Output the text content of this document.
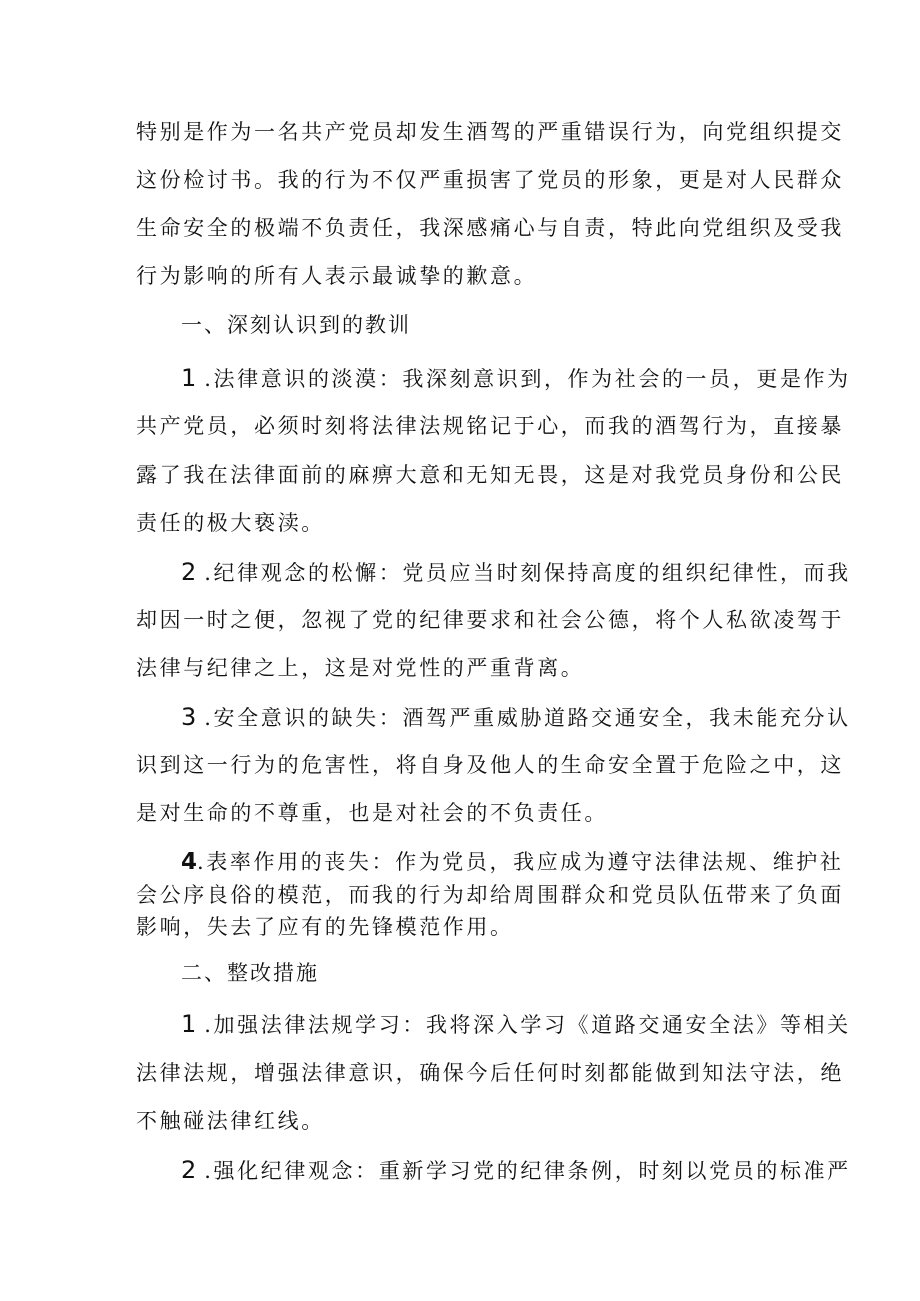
特别是作为一名共产党员却发生酒驾的严重错误行为，向党组织提交
这份检讨书。我的行为不仅严重损害了党员的形象，更是对人民群众
生命安全的极端不负责任，我深感痛心与自责，特此向党组织及受我
行为影响的所有人表示最诚挚的歉意。
一、深刻认识到的教训
1 .法律意识的淡漠：我深刻意识到，作为社会的一员，更是作为
共产党员，必须时刻将法律法规铭记于心，而我的酒驾行为，直接暴
露了我在法律面前的麻痹大意和无知无畏，这是对我党员身份和公民
责任的极大亵渎。
2 .纪律观念的松懈：党员应当时刻保持高度的组织纪律性，而我
却因一时之便，忽视了党的纪律要求和社会公德，将个人私欲凌驾于
法律与纪律之上，这是对党性的严重背离。
3 .安全意识的缺失：酒驾严重威胁道路交通安全，我未能充分认
识到这一行为的危害性，将自身及他人的生命安全置于危险之中，这
是对生命的不尊重，也是对社会的不负责任。
4.表率作用的丧失：作为党员，我应成为遵守法律法规、维护社
会公序良俗的模范，而我的行为却给周围群众和党员队伍带来了负面
影响，失去了应有的先锋模范作用。
二、整改措施
1 .加强法律法规学习：我将深入学习《道路交通安全法》等相关
法律法规，增强法律意识，确保今后任何时刻都能做到知法守法，绝
不触碰法律红线。
2 .强化纪律观念：重新学习党的纪律条例，时刻以党员的标准严
